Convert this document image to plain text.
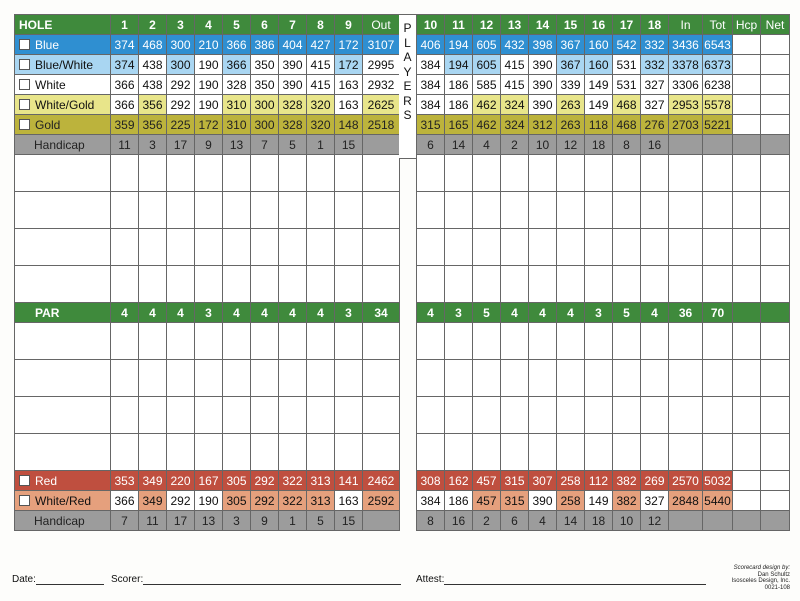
HOLE	1	2	3	4	5	6	7	8	9	Out
Blue	374	468	300	210	366	386	404	427	172	3107
Blue/White	374	438	300	190	366	350	390	415	172	2995
White	366	438	292	190	328	350	390	415	163	2932
White/Gold	366	356	292	190	310	300	328	320	163	2625
Gold	359	356	225	172	310	300	328	320	148	2518
Handicap	11	3	17	9	13	7	5	1	15	

PAR	4	4	4	3	4	4	4	4	3	34

Red	353	349	220	167	305	292	322	313	141	2462
White/Red	366	349	292	190	305	292	322	313	163	2592
Handicap	7	11	17	13	3	9	1	5	15	
P
L
A
Y
E
R
S
10	11	12	13	14	15	16	17	18	In	Tot	Hcp	Net
406	194	605	432	398	367	160	542	332	3436	6543		
384	194	605	415	390	367	160	531	332	3378	6373		
384	186	585	415	390	339	149	531	327	3306	6238		
384	186	462	324	390	263	149	468	327	2953	5578		
315	165	462	324	312	263	118	468	276	2703	5221		
6	14	4	2	10	12	18	8	16				

4	3	5	4	4	4	3	5	4	36	70		

308	162	457	315	307	258	112	382	269	2570	5032		
384	186	457	315	390	258	149	382	327	2848	5440		
8	16	2	6	4	14	18	10	12				
Date:	Scorer:	Attest:
Scorecard design by:
Dan Schultz
Isosceles Design, Inc.
0021-108
